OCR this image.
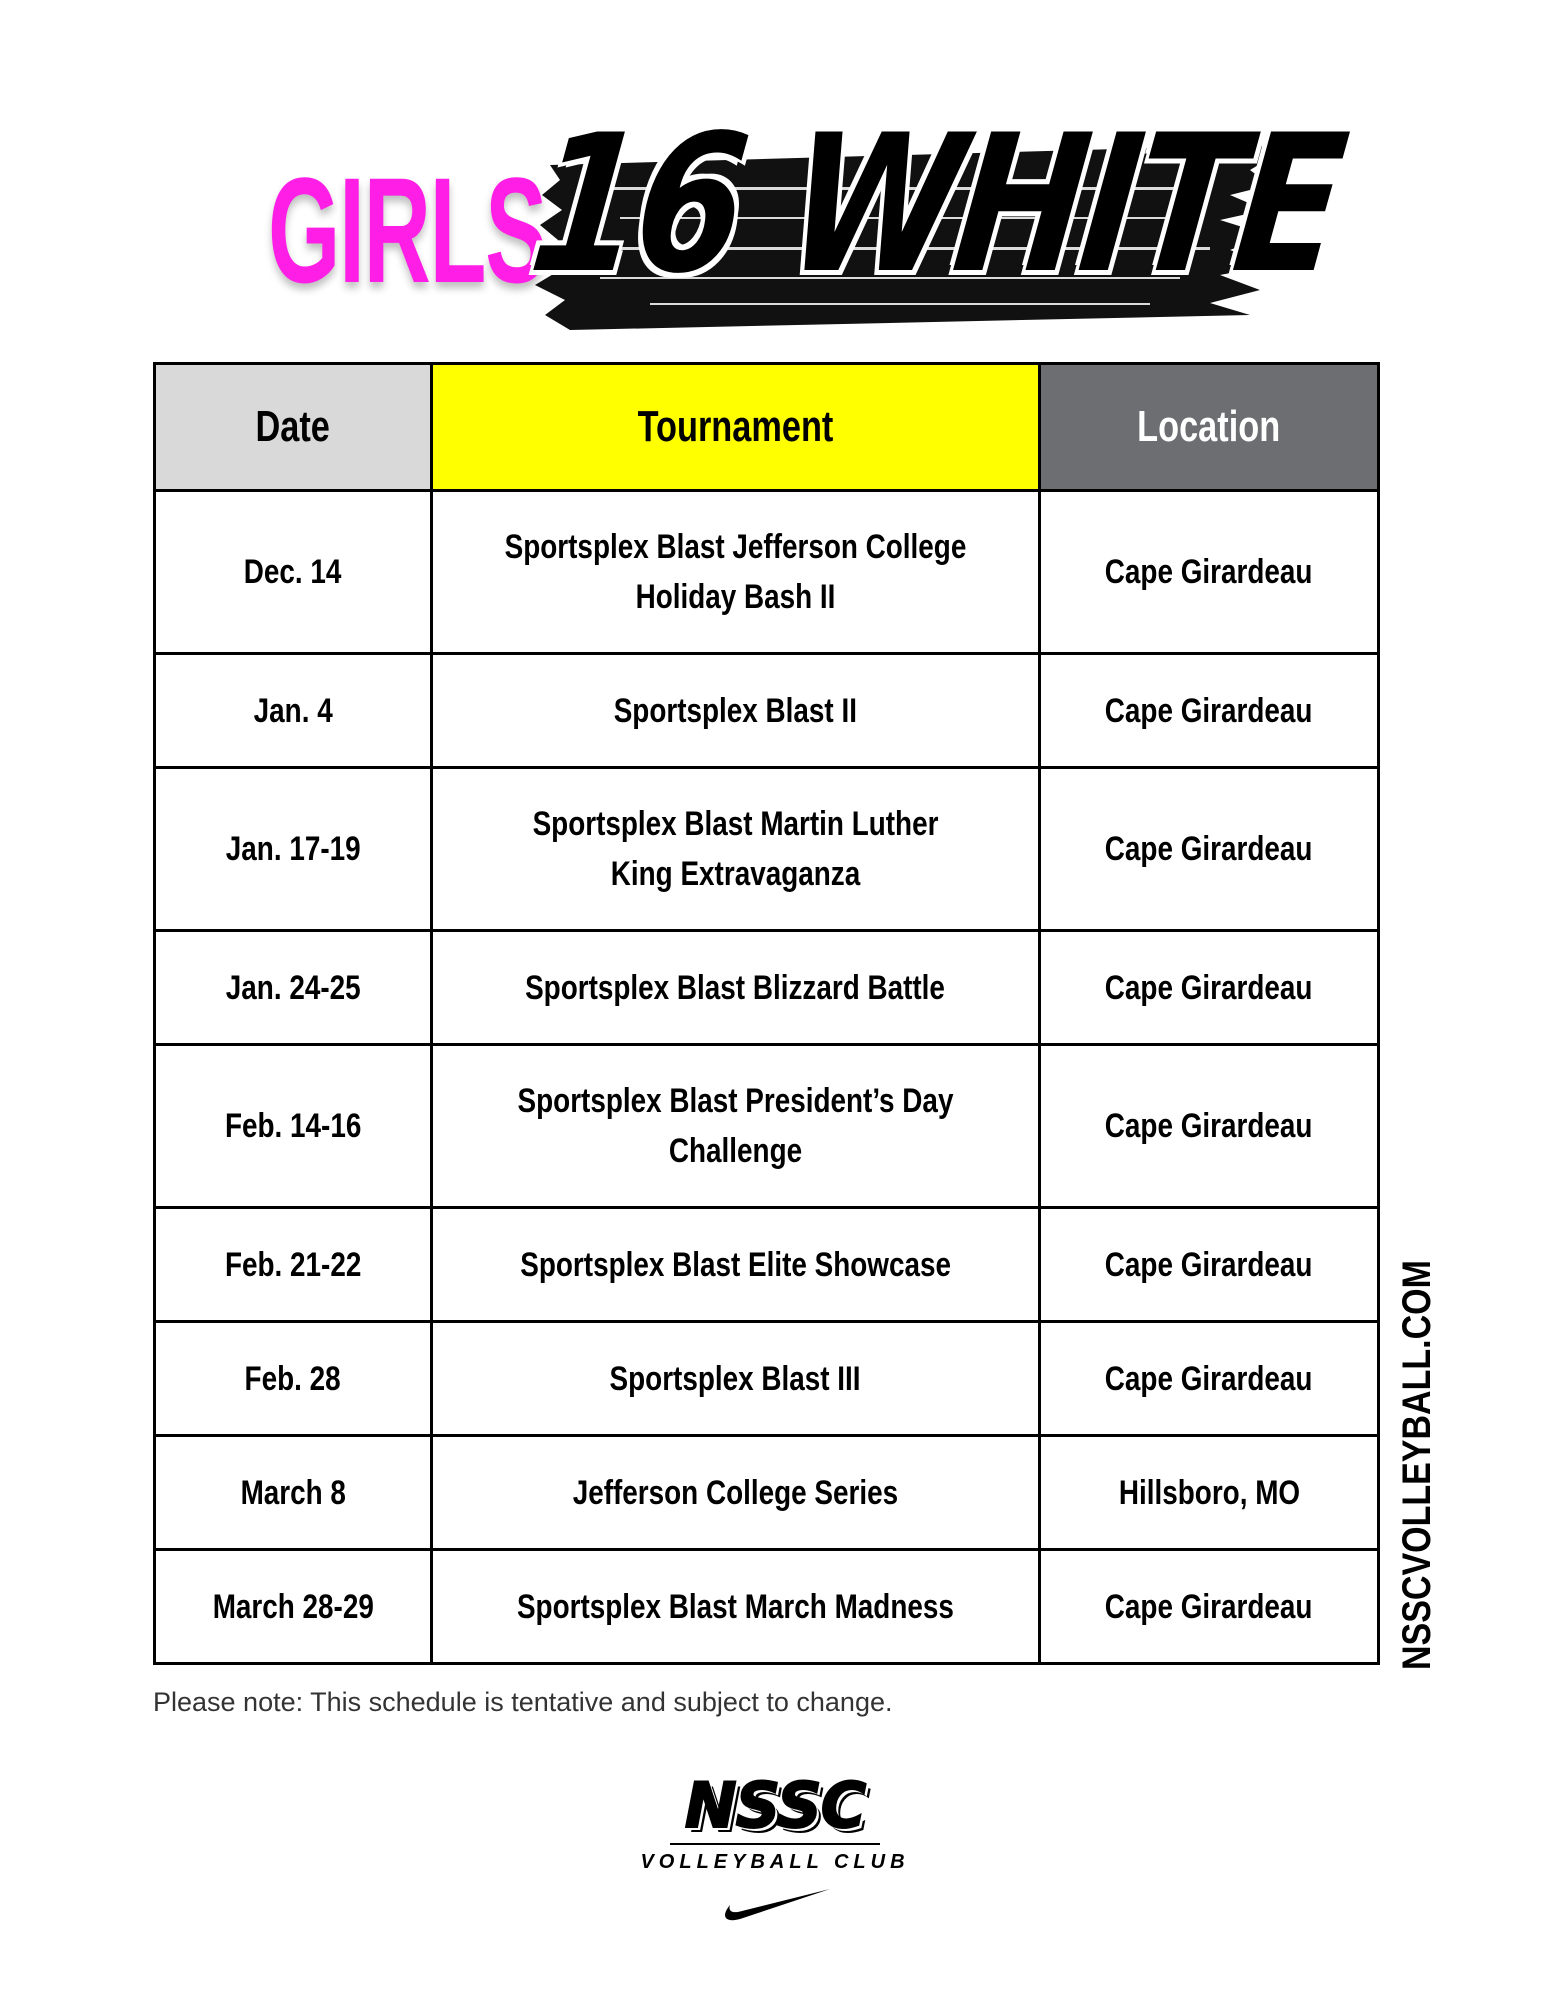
GIRLS
16 WHITE
Date	Tournament	Location
Dec. 14	Sportsplex Blast Jefferson College Holiday Bash II	Cape Girardeau
Jan. 4	Sportsplex Blast II	Cape Girardeau
Jan. 17-19	Sportsplex Blast Martin Luther King Extravaganza	Cape Girardeau
Jan. 24-25	Sportsplex Blast Blizzard Battle	Cape Girardeau
Feb. 14-16	Sportsplex Blast President’s Day Challenge	Cape Girardeau
Feb. 21-22	Sportsplex Blast Elite Showcase	Cape Girardeau
Feb. 28	Sportsplex Blast III	Cape Girardeau
March 8	Jefferson College Series	Hillsboro, MO
March 28-29	Sportsplex Blast March Madness	Cape Girardeau NSSCVOLLEYBALL.COM
Please note: This schedule is tentative and subject to change.
NSSC
VOLLEYBALL CLUB
